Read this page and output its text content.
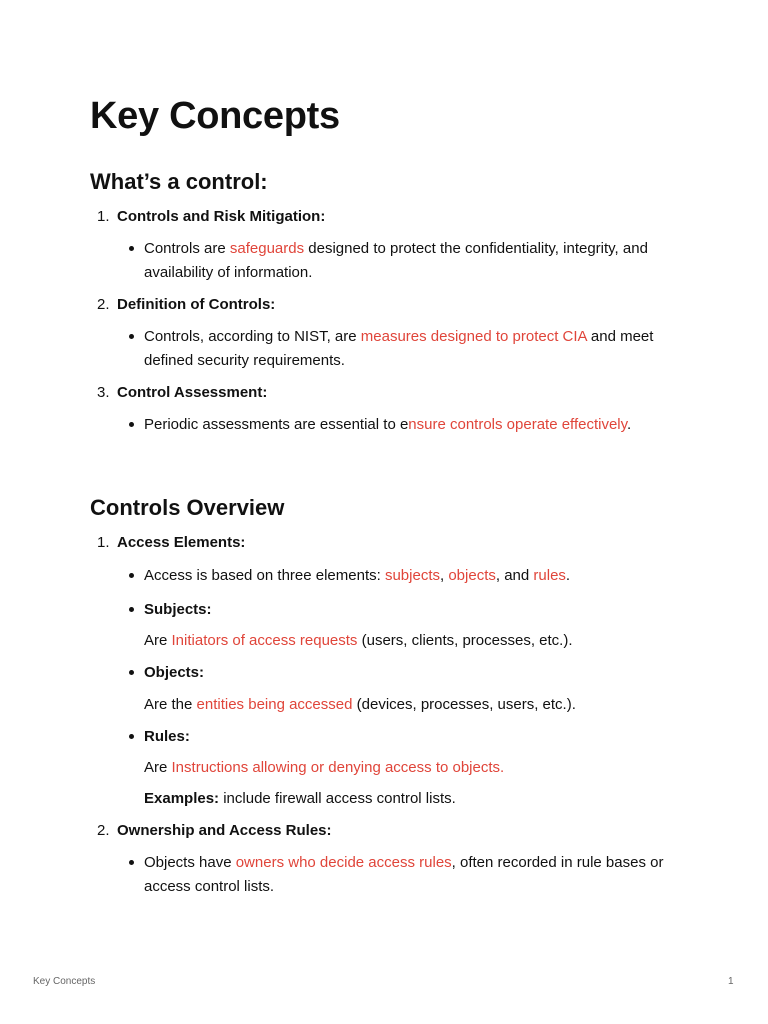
Key Concepts
What’s a control:
1. Controls and Risk Mitigation:
Controls are safeguards designed to protect the confidentiality, integrity, and availability of information.
2. Definition of Controls:
Controls, according to NIST, are measures designed to protect CIA and meet defined security requirements.
3. Control Assessment:
Periodic assessments are essential to ensure controls operate effectively.
Controls Overview
1. Access Elements:
Access is based on three elements: subjects, objects, and rules.
Subjects:
Are Initiators of access requests (users, clients, processes, etc.).
Objects:
Are the entities being accessed (devices, processes, users, etc.).
Rules:
Are Instructions allowing or denying access to objects.
Examples: include firewall access control lists.
2. Ownership and Access Rules:
Objects have owners who decide access rules, often recorded in rule bases or access control lists.
Key Concepts	1
